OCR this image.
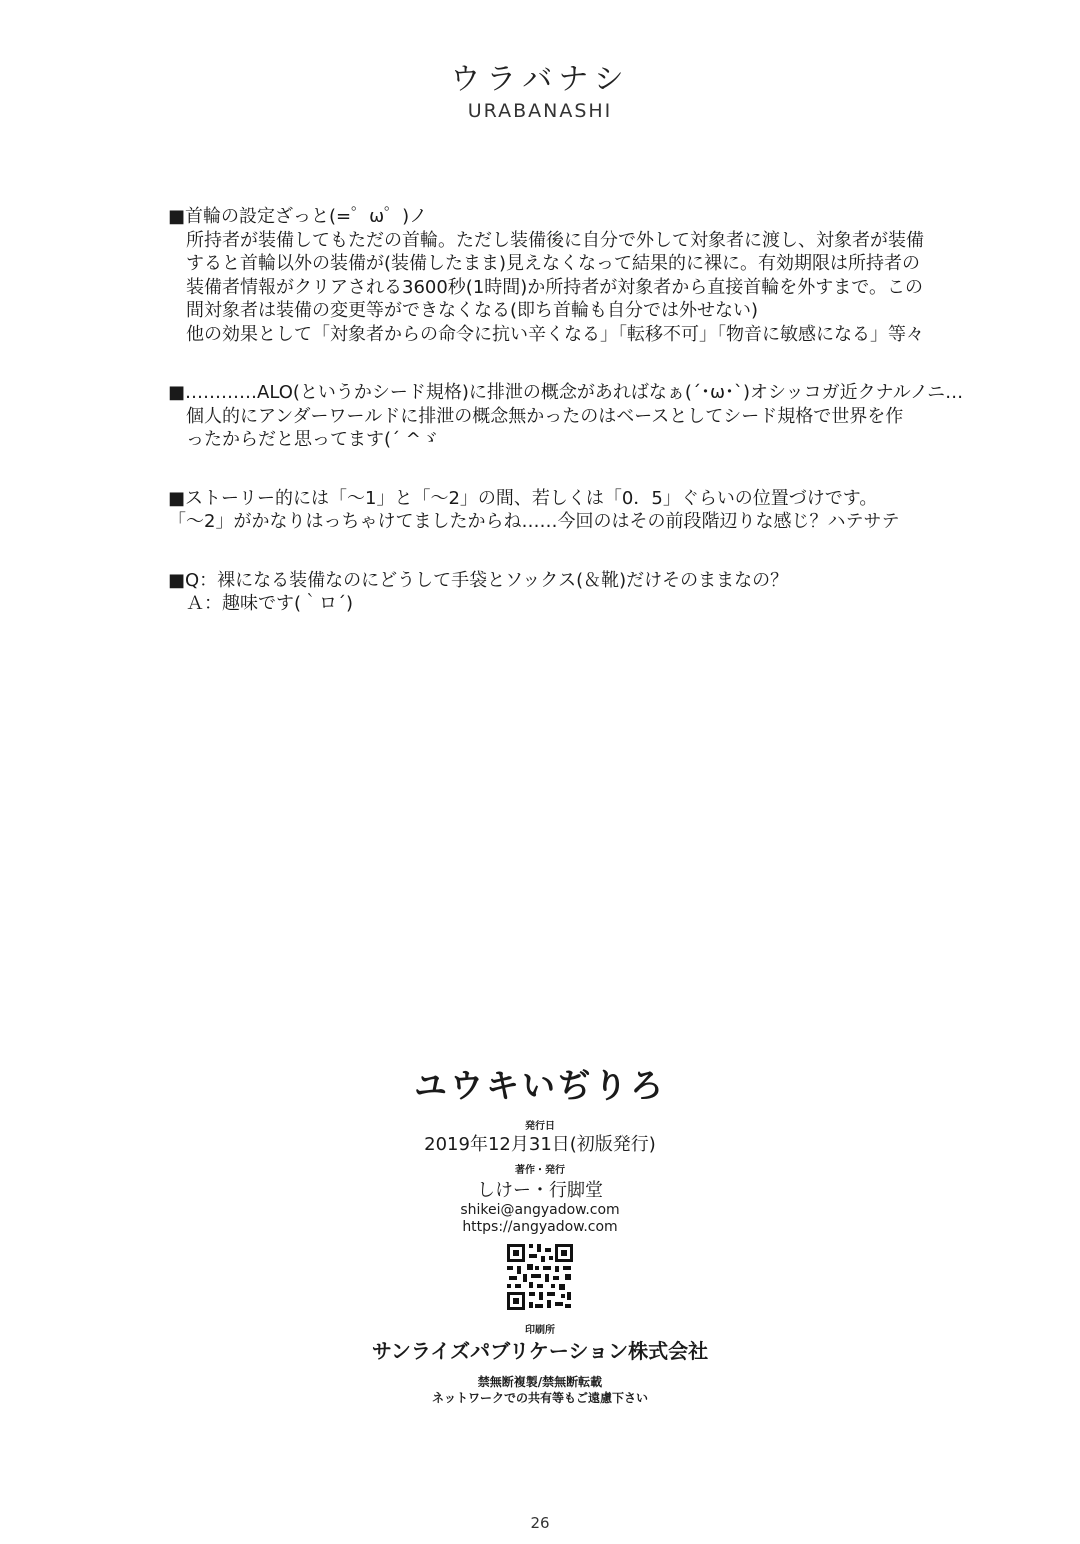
ウラバナシ
URABANASHI
■首輪の設定ざっと(=゜ω゜)ノ
所持者が装備してもただの首輪。ただし装備後に自分で外して対象者に渡し、対象者が装備
すると首輪以外の装備が(装備したまま)見えなくなって結果的に裸に。有効期限は所持者の
装備者情報がクリアされる3600秒(1時間)か所持者が対象者から直接首輪を外すまで。この
間対象者は装備の変更等ができなくなる(即ち首輪も自分では外せない)
他の効果として「対象者からの命令に抗い辛くなる」「転移不可」「物音に敏感になる」等々
■…………ALO(というかシード規格)に排泄の概念があればなぁ(´･ω･`)オシッコガ近クナルノニ…
個人的にアンダーワールドに排泄の概念無かったのはベースとしてシード規格で世界を作
ったからだと思ってます(´ ^ゞ
■ストーリー的には「～1」と「～2」の間、若しくは「0．5」ぐらいの位置づけです。
「～2」がかなりはっちゃけてましたからね……今回のはその前段階辺りな感じ？ハテサテ
■Q：裸になる装備なのにどうして手袋とソックス(＆靴)だけそのままなの？
Ａ：趣味です(｀ロ´)
ユウキいぢりろ
発行日
2019年12月31日(初版発行)
著作・発行
しけー・行脚堂
shikei@angyadow.com
https://angyadow.com
印刷所
サンライズパブリケーション株式会社
禁無断複製/禁無断転載
ネットワークでの共有等もご遠慮下さい
26
